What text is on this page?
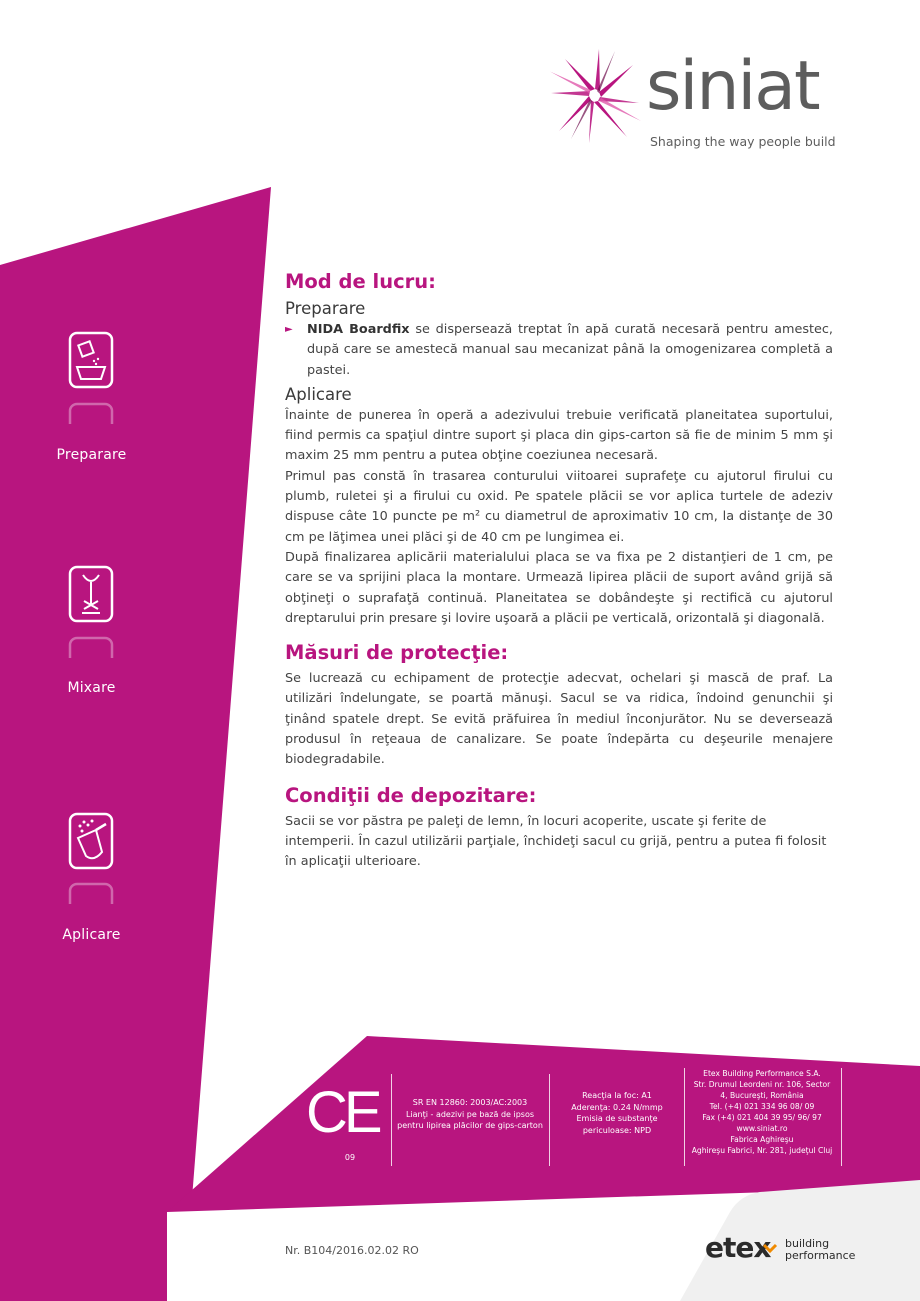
siniat
Shaping the way people build
Preparare
Mixare
Aplicare
Mod de lucru:
Preparare
► NIDA Boardfix se dispersează treptat în apă curată necesară pentru amestec, după care se amestecă manual sau mecanizat până la omogenizarea completă a pastei.
Aplicare

Înainte de punerea în operă a adezivului trebuie verificată planeitatea suportului, fiind permis ca spaţiul dintre suport şi placa din gips-carton să fie de minim 5 mm şi maxim 25 mm pentru a putea obţine coeziunea necesară.

Primul pas constă în trasarea conturului viitoarei suprafeţe cu ajutorul firului cu plumb, ruletei şi a firului cu oxid. Pe spatele plăcii se vor aplica turtele de adeziv dispuse câte 10 puncte pe m² cu diametrul de aproximativ 10 cm, la distanţe de 30 cm pe lăţimea unei plăci şi de 40 cm pe lungimea ei.

După finalizarea aplicării materialului placa se va fixa pe 2 distanţieri de 1 cm, pe care se va sprijini placa la montare. Urmează lipirea plăcii de suport având grijă să obţineţi o suprafaţă continuă. Planeitatea se dobândeşte şi rectifică cu ajutorul dreptarului prin presare şi lovire uşoară a plăcii pe verticală, orizontală şi diagonală.

Măsuri de protecţie:

Se lucrează cu echipament de protecţie adecvat, ochelari şi mască de praf. La utilizări îndelungate, se poartă mănuşi. Sacul se va ridica, îndoind genunchii şi ţinând spatele drept. Se evită prăfuirea în mediul înconjurător. Nu se deversează produsul în reţeaua de canalizare. Se poate îndepărta cu deşeurile menajere biodegradabile.

Condiţii de depozitare:

Sacii se vor păstra pe paleţi de lemn, în locuri acoperite, uscate şi ferite de intemperii. În cazul utilizării parţiale, închideţi sacul cu grijă, pentru a putea fi folosit în aplicaţii ulterioare.

CE
09
SR EN 12860: 2003/AC:2003
Lianţi - adezivi pe bază de ipsos
pentru lipirea plăcilor de gips-carton
Reacţia la foc: A1
Aderenţa: 0.24 N/mmp
Emisia de substanţe
periculoase: NPD
Etex Building Performance S.A.
Str. Drumul Leordeni nr. 106, Sector
4, Bucureşti, România
Tel. (+4) 021 334 96 08/ 09
Fax (+4) 021 404 39 95/ 96/ 97
www.siniat.ro
Fabrica Aghireşu
Aghireşu Fabrici, Nr. 281, judeţul Cluj
Nr. B104/2016.02.02 RO	etex building
performance
